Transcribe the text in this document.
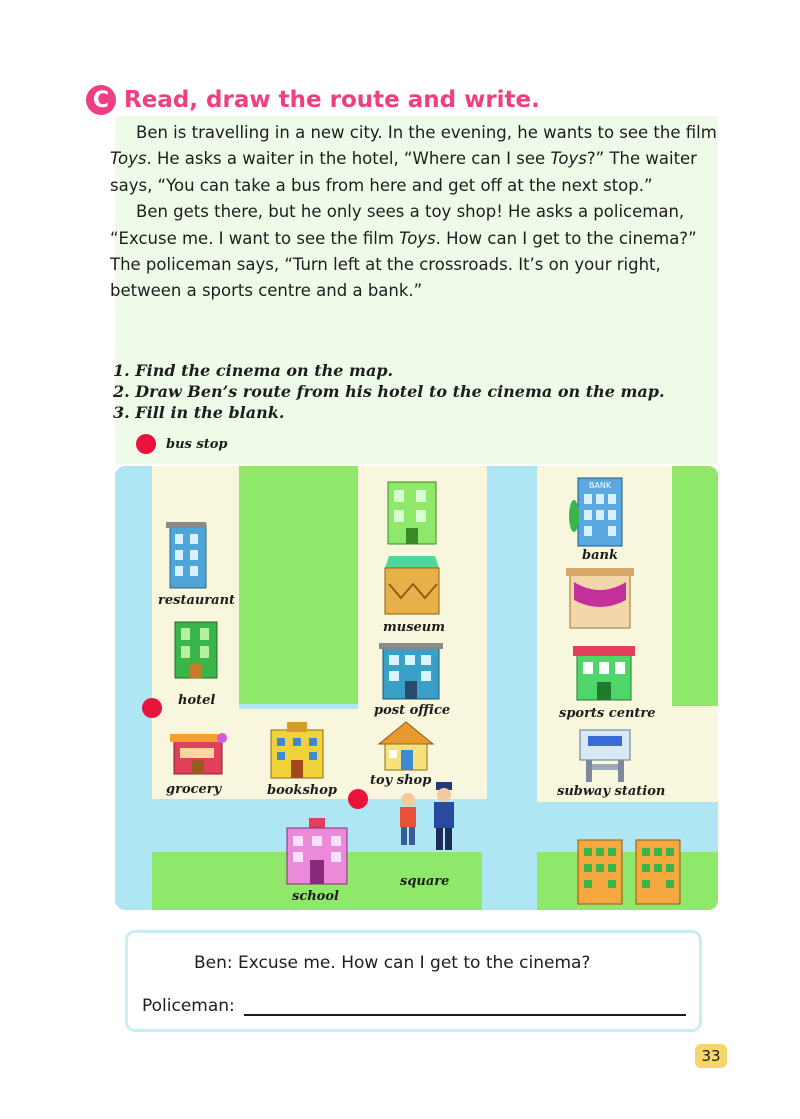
C Read, draw the route and write.

Ben is travelling in a new city. In the evening, he wants to see the film Toys. He asks a waiter in the hotel, “Where can I see Toys?” The waiter says, “You can take a bus from here and get off at the next stop.”

Ben gets there, but he only sees a toy shop! He asks a policeman, “Excuse me. I want to see the film Toys. How can I get to the cinema?” The policeman says, “Turn left at the crossroads. It’s on your right, between a sports centre and a bank.”

1. Find the cinema on the map.
2. Draw Ben’s route from his hotel to the cinema on the map.
3. Fill in the blank.
bus stop
restaurant
hotel
grocery	bookshop
museum
post office
toy shop
school
square
BANK
bank
sports centre
subway station
Ben: Excuse me. How can I get to the cinema?
Policeman:
33
